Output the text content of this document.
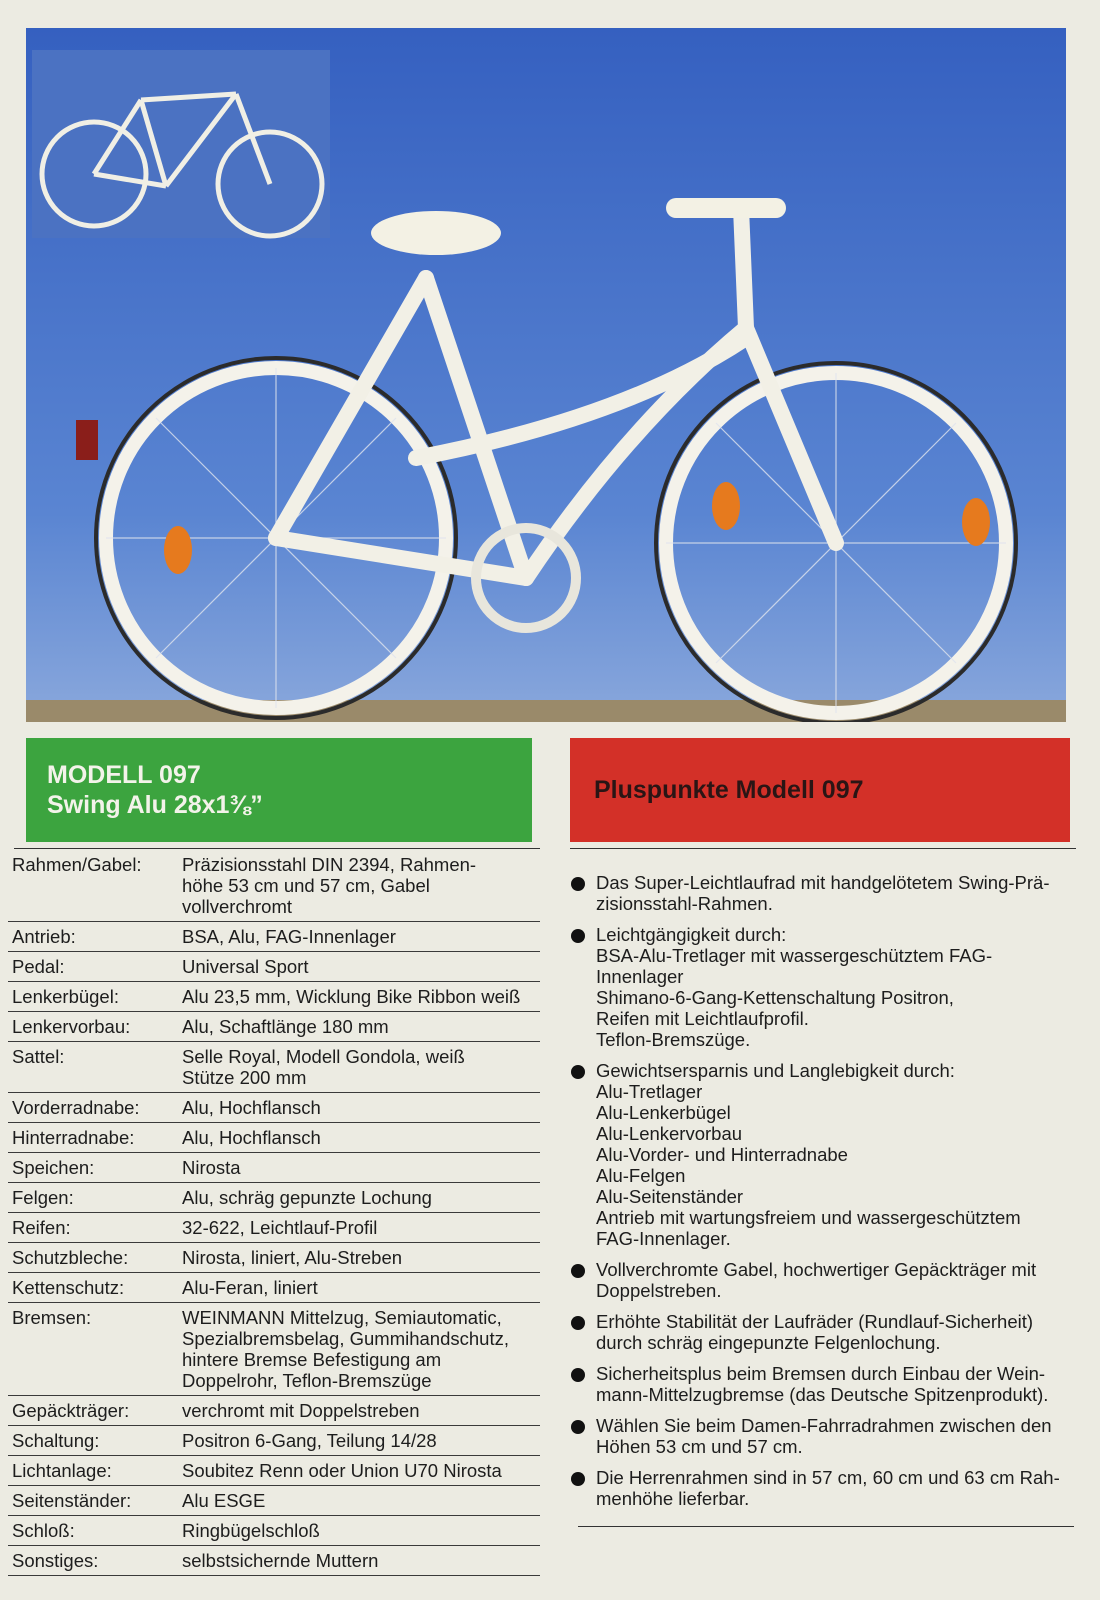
MODELL 097
Swing Alu 28x1⅜”
Pluspunkte Modell 097
Rahmen/Gabel:	Präzisionsstahl DIN 2394, Rahmen-
höhe 53 cm und 57 cm, Gabel
vollverchromt
Antrieb:	BSA, Alu, FAG-Innenlager
Pedal:	Universal Sport
Lenkerbügel:	Alu 23,5 mm, Wicklung Bike Ribbon weiß
Lenkervorbau:	Alu, Schaftlänge 180 mm
Sattel:	Selle Royal, Modell Gondola, weiß
Stütze 200 mm
Vorderradnabe:	Alu, Hochflansch
Hinterradnabe:	Alu, Hochflansch
Speichen:	Nirosta
Felgen:	Alu, schräg gepunzte Lochung
Reifen:	32-622, Leichtlauf-Profil
Schutzbleche:	Nirosta, liniert, Alu-Streben
Kettenschutz:	Alu-Feran, liniert
Bremsen:	WEINMANN Mittelzug, Semiautomatic,
Spezialbremsbelag, Gummihandschutz,
hintere Bremse Befestigung am
Doppelrohr, Teflon-Bremszüge
Gepäckträger:	verchromt mit Doppelstreben
Schaltung:	Positron 6-Gang, Teilung 14/28
Lichtanlage:	Soubitez Renn oder Union U70 Nirosta
Seitenständer:	Alu ESGE
Schloß:	Ringbügelschloß
Sonstiges:	selbstsichernde Muttern
Das Super-Leichtlaufrad mit handgelötetem Swing-Prä-
zisionsstahl-Rahmen.
Leichtgängigkeit durch:
BSA-Alu-Tretlager mit wassergeschütztem FAG-
Innenlager
Shimano-6-Gang-Kettenschaltung Positron,
Reifen mit Leichtlaufprofil.
Teflon-Bremszüge.
Gewichtsersparnis und Langlebigkeit durch:
Alu-Tretlager
Alu-Lenkerbügel
Alu-Lenkervorbau
Alu-Vorder- und Hinterradnabe
Alu-Felgen
Alu-Seitenständer
Antrieb mit wartungsfreiem und wassergeschütztem
FAG-Innenlager.
Vollverchromte Gabel, hochwertiger Gepäckträger mit
Doppelstreben.
Erhöhte Stabilität der Laufräder (Rundlauf-Sicherheit)
durch schräg eingepunzte Felgenlochung.
Sicherheitsplus beim Bremsen durch Einbau der Wein-
mann-Mittelzugbremse (das Deutsche Spitzenprodukt).
Wählen Sie beim Damen-Fahrradrahmen zwischen den
Höhen 53 cm und 57 cm.
Die Herrenrahmen sind in 57 cm, 60 cm und 63 cm Rah-
menhöhe lieferbar.
